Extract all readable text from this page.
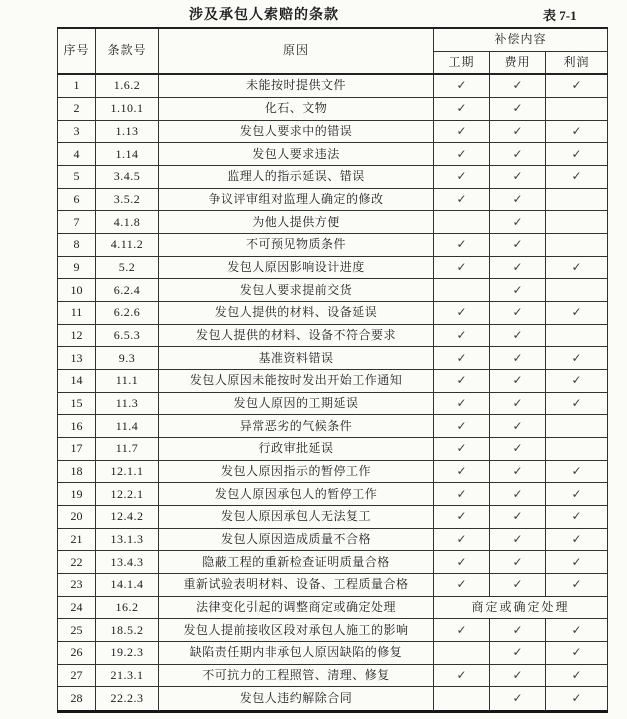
涉及承包人索赔的条款	表 7-1
序号	条款号	原因	补偿内容		
			工期	费用	利润
1	1.6.2	未能按时提供文件	✓	✓	✓
2	1.10.1	化石、文物	✓	✓	
3	1.13	发包人要求中的错误	✓	✓	✓
4	1.14	发包人要求违法	✓	✓	✓
5	3.4.5	监理人的指示延误、错误	✓	✓	✓
6	3.5.2	争议评审组对监理人确定的修改	✓	✓	
7	4.1.8	为他人提供方便		✓	
8	4.11.2	不可预见物质条件	✓	✓	
9	5.2	发包人原因影响设计进度	✓	✓	✓
10	6.2.4	发包人要求提前交货		✓	
11	6.2.6	发包人提供的材料、设备延误	✓	✓	✓
12	6.5.3	发包人提供的材料、设备不符合要求	✓	✓	
13	9.3	基准资料错误	✓	✓	✓
14	11.1	发包人原因未能按时发出开始工作通知	✓	✓	✓
15	11.3	发包人原因的工期延误	✓	✓	✓
16	11.4	异常恶劣的气候条件	✓	✓	
17	11.7	行政审批延误	✓	✓	
18	12.1.1	发包人原因指示的暂停工作	✓	✓	✓
19	12.2.1	发包人原因承包人的暂停工作	✓	✓	✓
20	12.4.2	发包人原因承包人无法复工	✓	✓	✓
21	13.1.3	发包人原因造成质量不合格	✓	✓	✓
22	13.4.3	隐蔽工程的重新检查证明质量合格	✓	✓	✓
23	14.1.4	重新试验表明材料、设备、工程质量合格	✓	✓	✓
24	16.2	法律变化引起的调整商定或确定处理	商定或确定处理		
25	18.5.2	发包人提前接收区段对承包人施工的影响	✓	✓	✓
26	19.2.3	缺陷责任期内非承包人原因缺陷的修复		✓	✓
27	21.3.1	不可抗力的工程照管、清理、修复	✓	✓	✓
28	22.2.3	发包人违约解除合同		✓	✓
